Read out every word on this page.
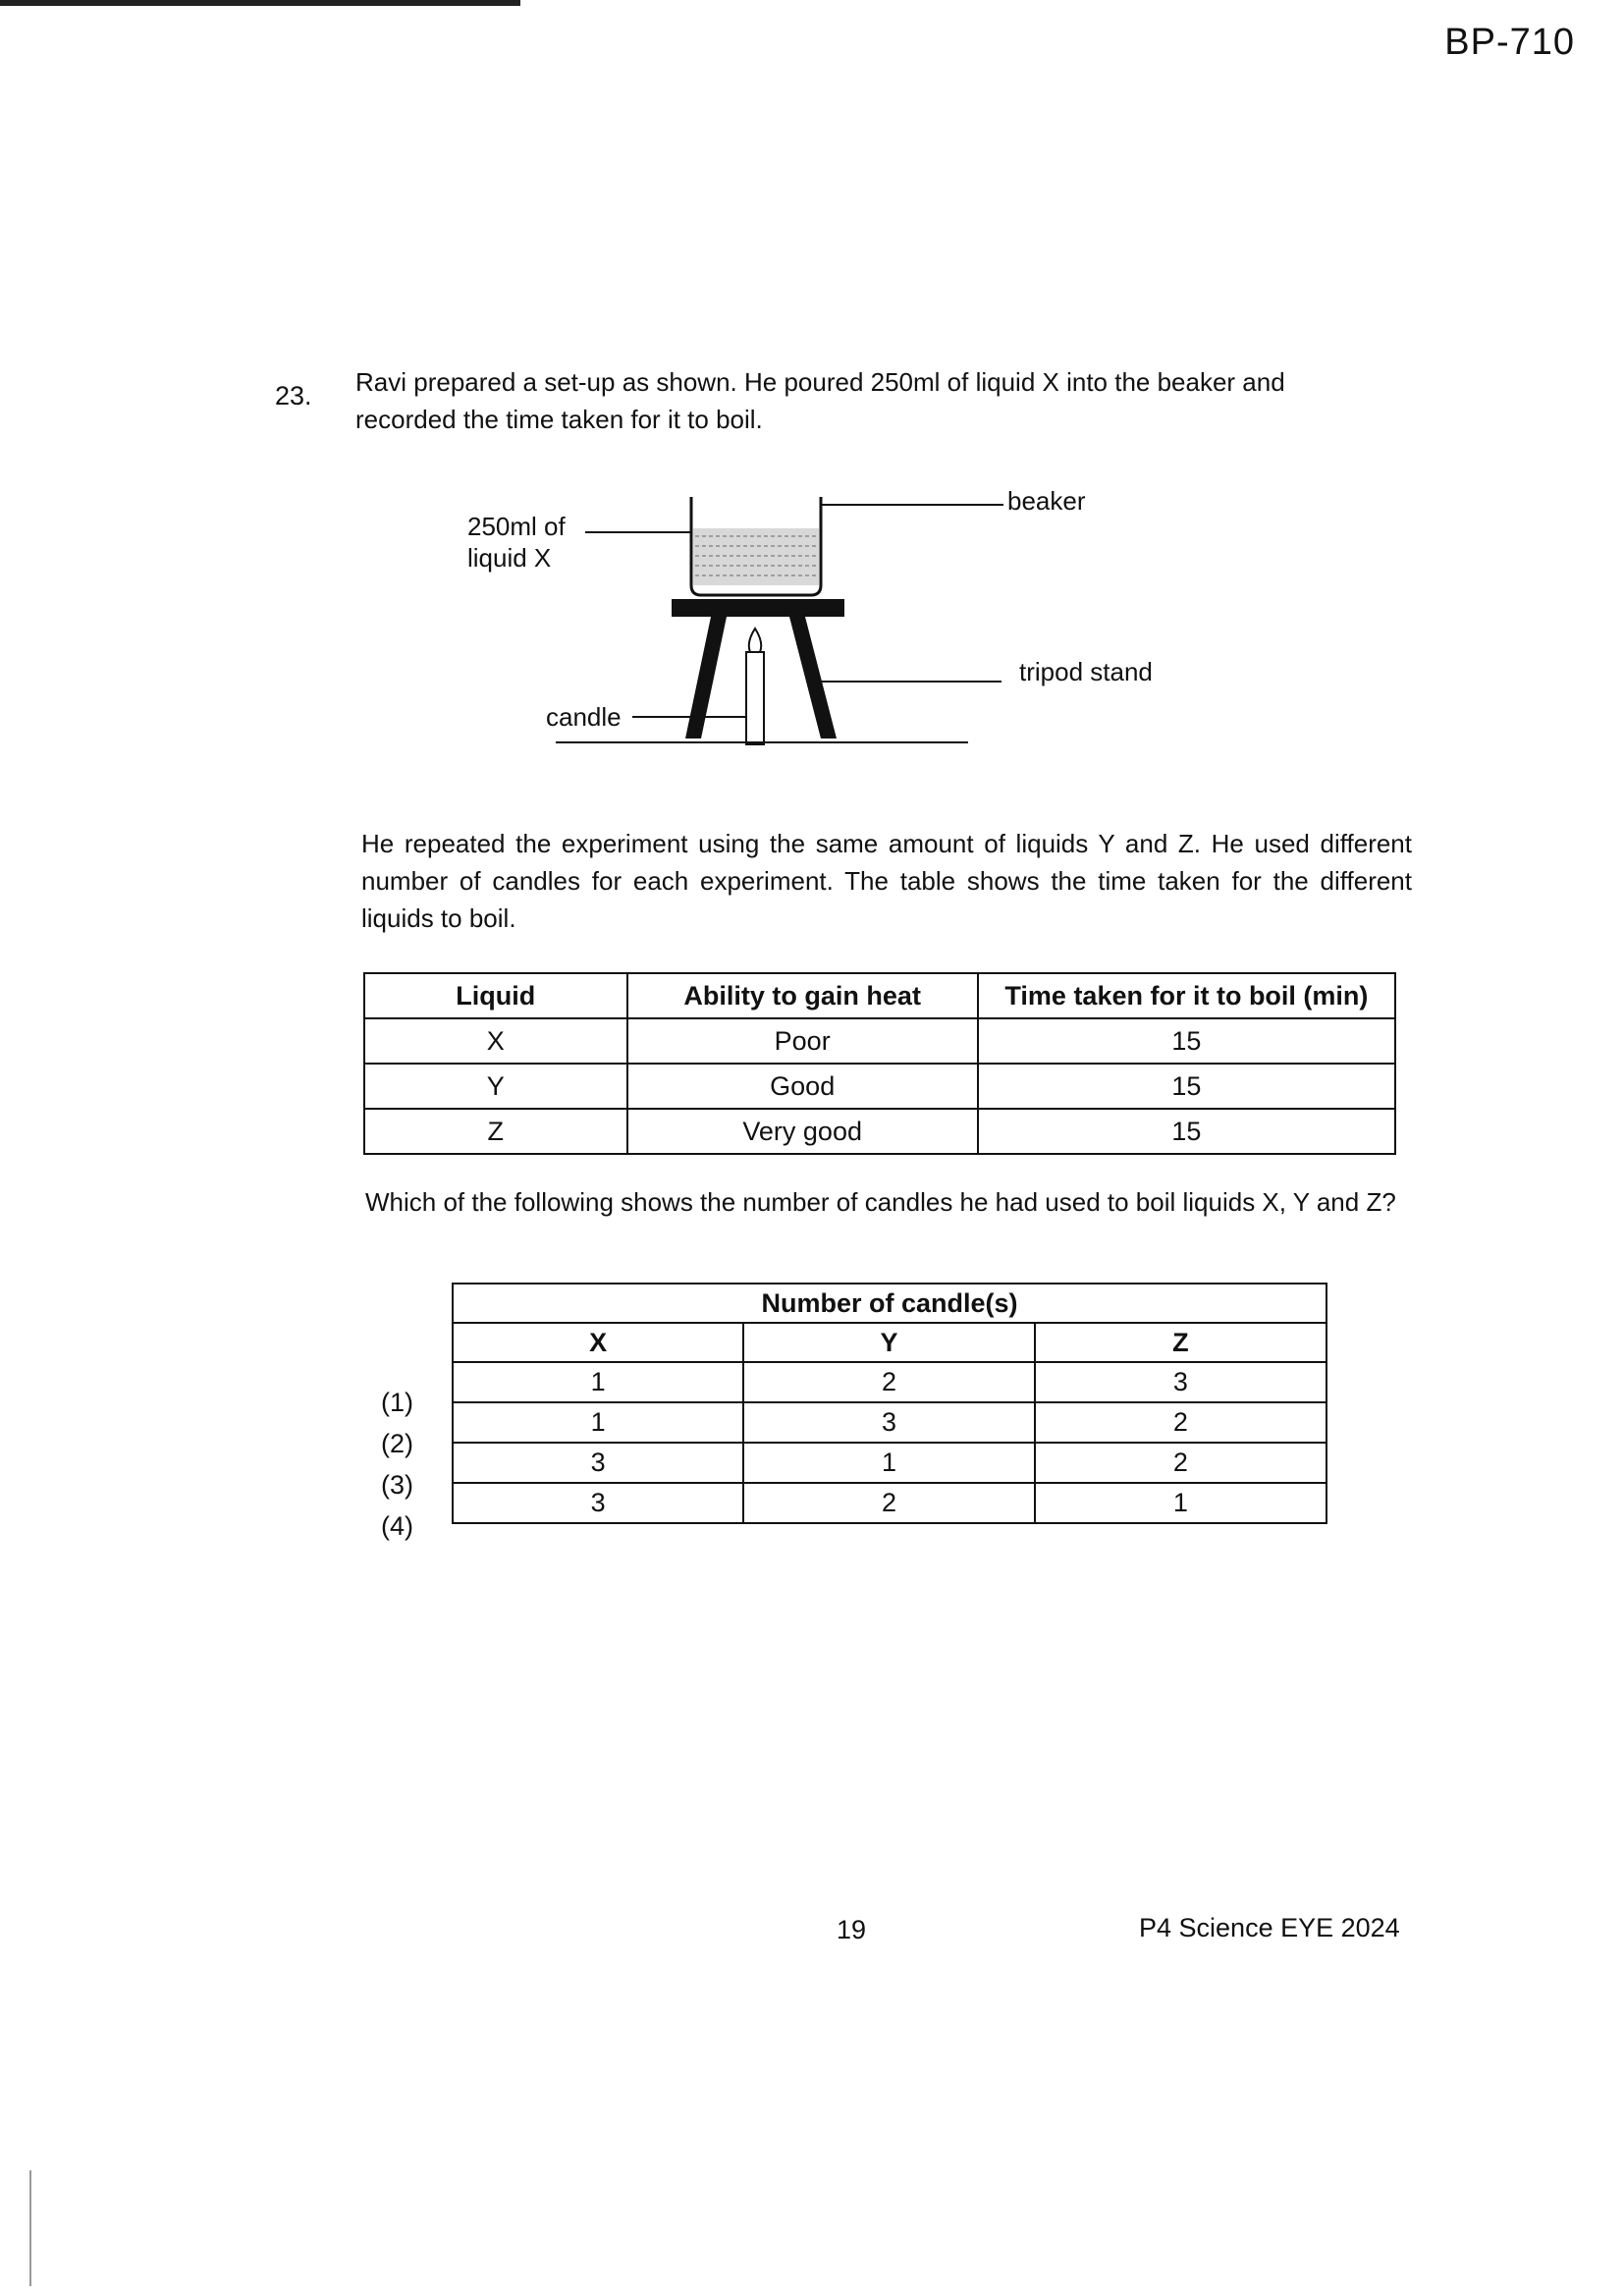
BP-710
23. Ravi prepared a set-up as shown. He poured 250ml of liquid X into the beaker and recorded the time taken for it to boil.
250ml of liquid X
beaker
tripod stand
candle
He repeated the experiment using the same amount of liquids Y and Z. He used different number of candles for each experiment. The table shows the time taken for the different liquids to boil.
Liquid	Ability to gain heat	Time taken for it to boil (min)
X	Poor	15
Y	Good	15
Z	Very good	15
Which of the following shows the number of candles he had used to boil liquids X, Y and Z?
Number of candle(s)		
X	Y	Z
1	2	3
1	3	2
3	1	2
3	2	1
(1)
(2)
(3)
(4)
19	P4 Science EYE 2024
